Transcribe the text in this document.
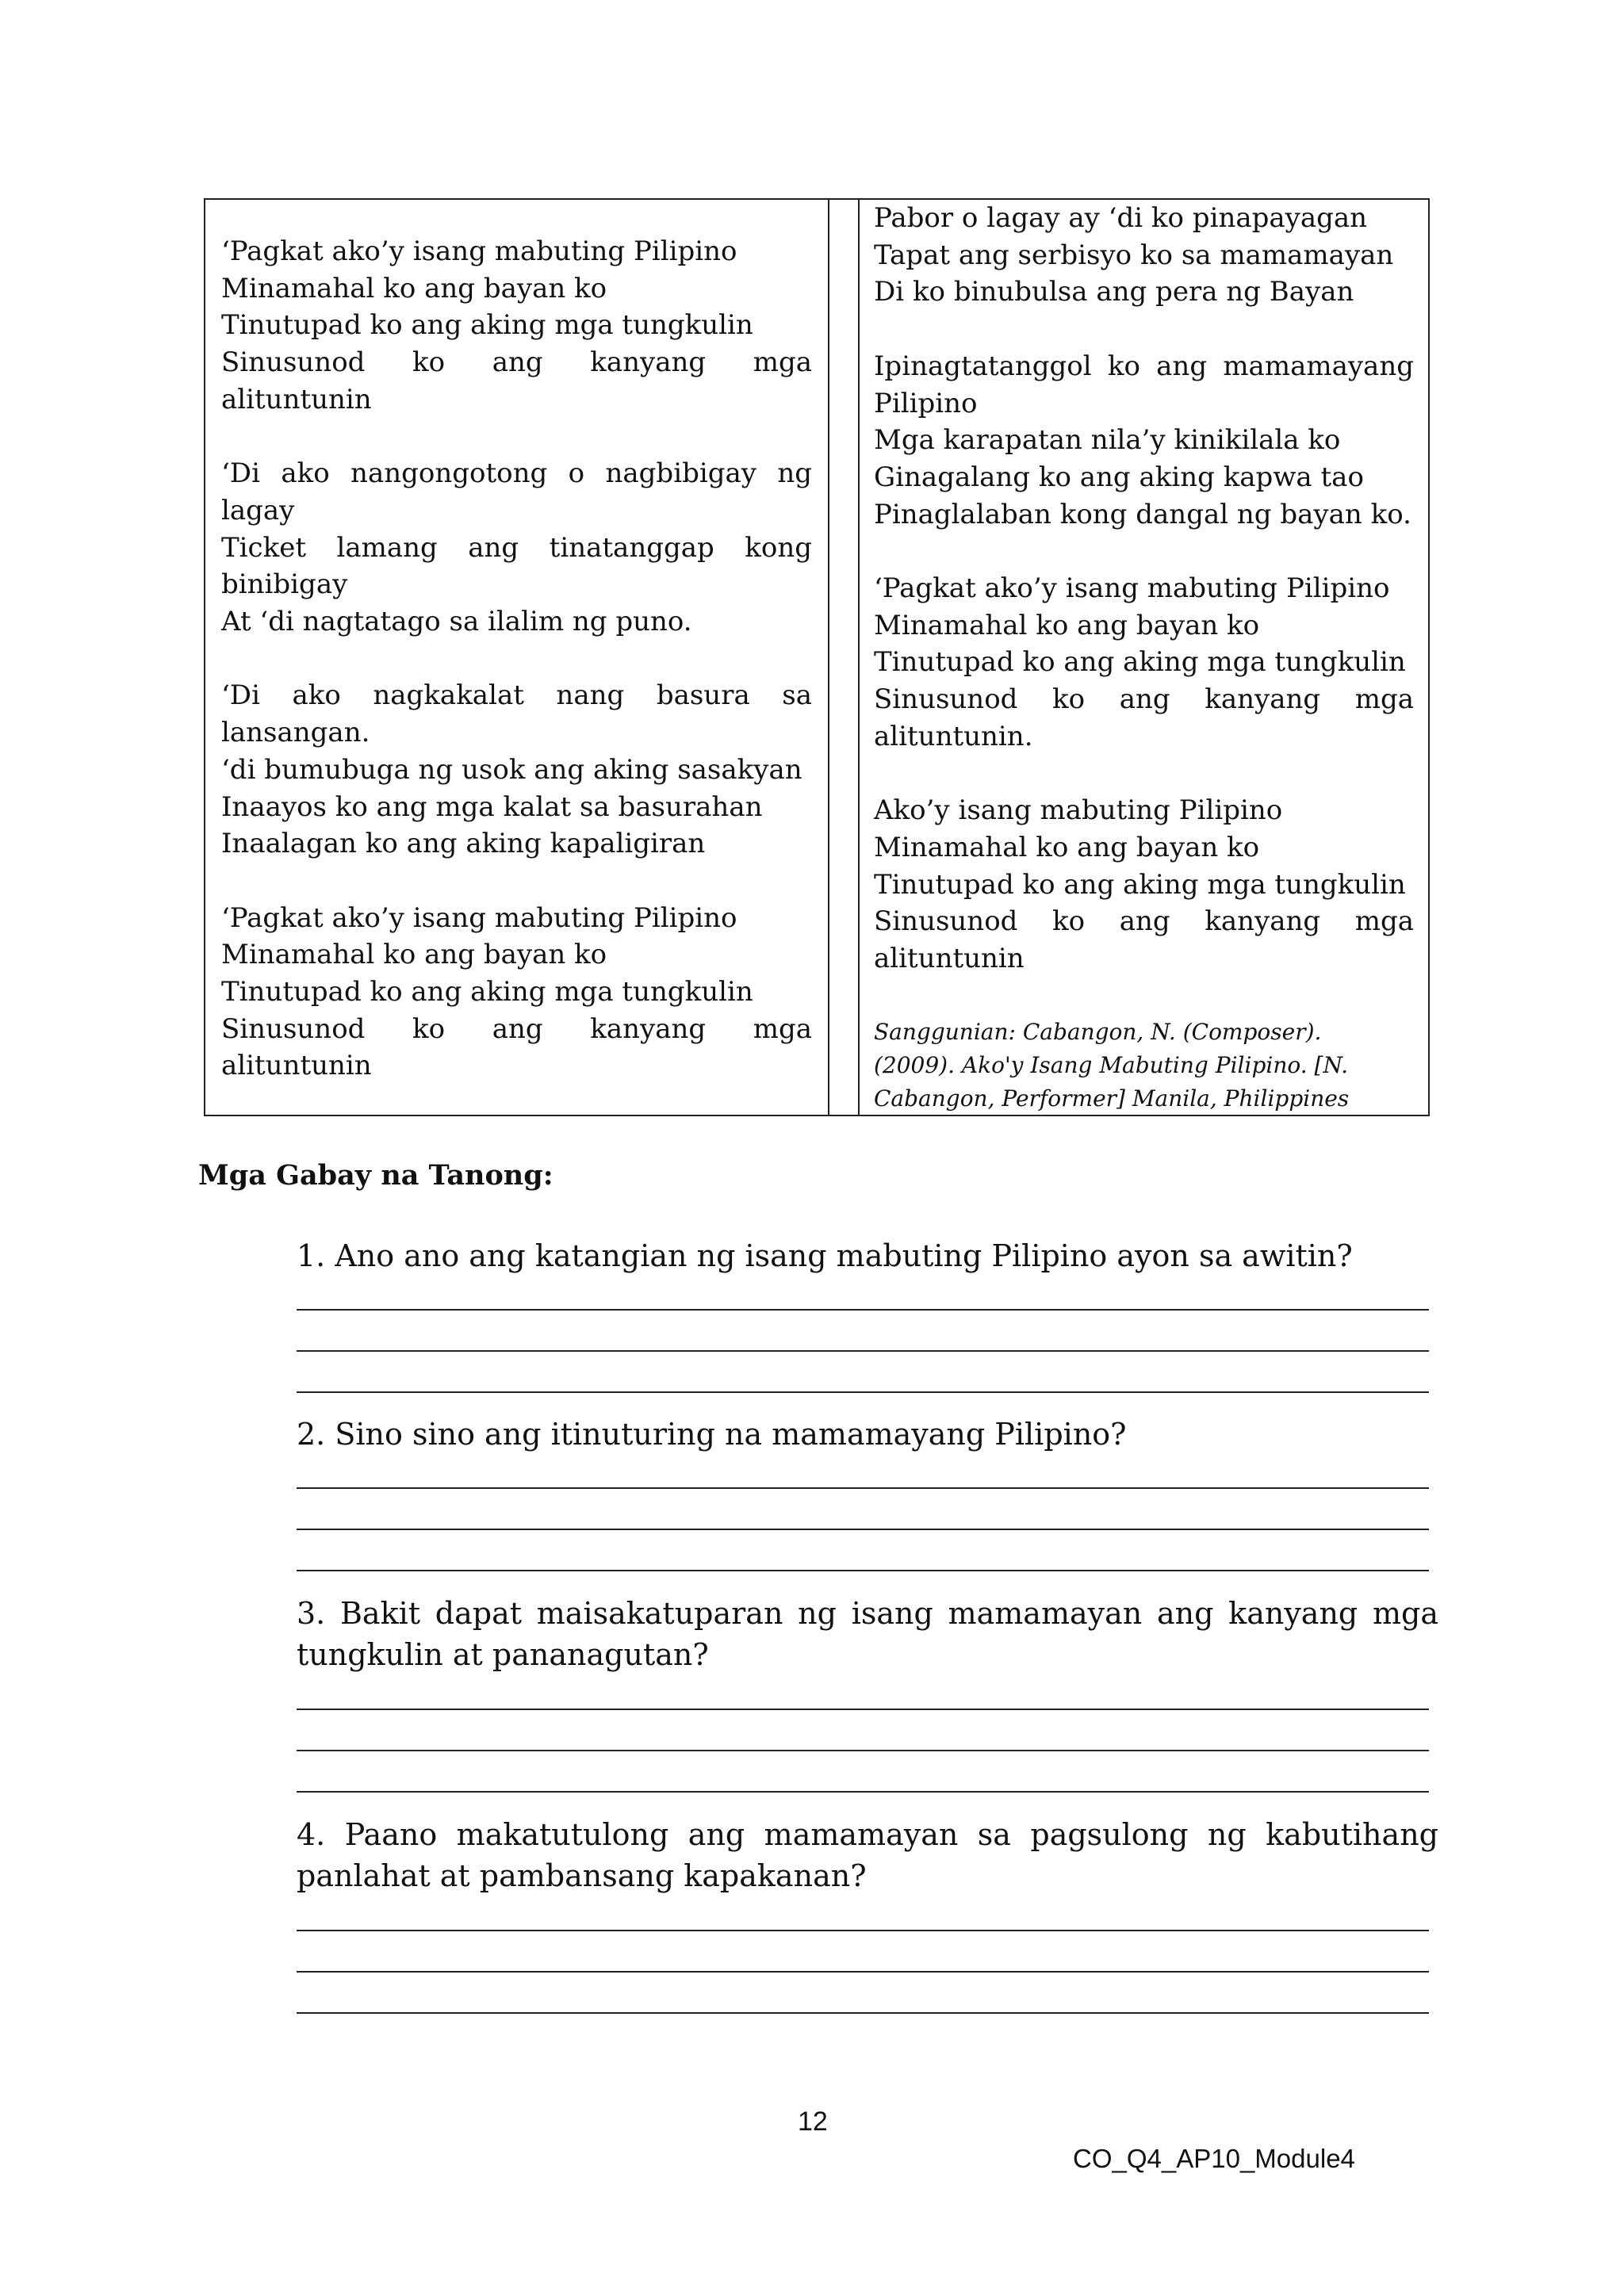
‘Pagkat ako’y isang mabuting Pilipino

Minamahal ko ang bayan ko

Tinutupad ko ang aking mga tungkulin

Sinusunod ko ang kanyang mga alituntunin

‘Di ako nangongotong o nagbibigay ng lagay

Ticket lamang ang tinatanggap kong

binibigay

At ‘di nagtatago sa ilalim ng puno.

‘Di ako nagkakalat nang basura sa

lansangan.

‘di bumubuga ng usok ang aking sasakyan

Inaayos ko ang mga kalat sa basurahan

Inaalagan ko ang aking kapaligiran

‘Pagkat ako’y isang mabuting Pilipino

Minamahal ko ang bayan ko

Tinutupad ko ang aking mga tungkulin

Sinusunod ko ang kanyang mga alituntunin

Pabor o lagay ay ‘di ko pinapayagan

Tapat ang serbisyo ko sa mamamayan

Di ko binubulsa ang pera ng Bayan

Ipinagtatanggol ko ang mamamayang

Pilipino

Mga karapatan nila’y kinikilala ko

Ginagalang ko ang aking kapwa tao

Pinaglalaban kong dangal ng bayan ko.

‘Pagkat ako’y isang mabuting Pilipino

Minamahal ko ang bayan ko

Tinutupad ko ang aking mga tungkulin

Sinusunod ko ang kanyang mga

alituntunin.

Ako’y isang mabuting Pilipino

Minamahal ko ang bayan ko

Tinutupad ko ang aking mga tungkulin

Sinusunod ko ang kanyang mga

alituntunin

Sanggunian: Cabangon, N. (Composer).
(2009). Ako'y Isang Mabuting Pilipino. [N.
Cabangon, Performer] Manila, Philippines

Mga Gabay na Tanong:

1. Ano ano ang katangian ng isang mabuting Pilipino ayon sa awitin?

2. Sino sino ang itinuturing na mamamayang Pilipino?

3. Bakit dapat maisakatuparan ng isang mamamayan ang kanyang mga
tungkulin at pananagutan?
4. Paano makatutulong ang mamamayan sa pagsulong ng kabutihang
panlahat at pambansang kapakanan?

12

CO_Q4_AP10_Module4
